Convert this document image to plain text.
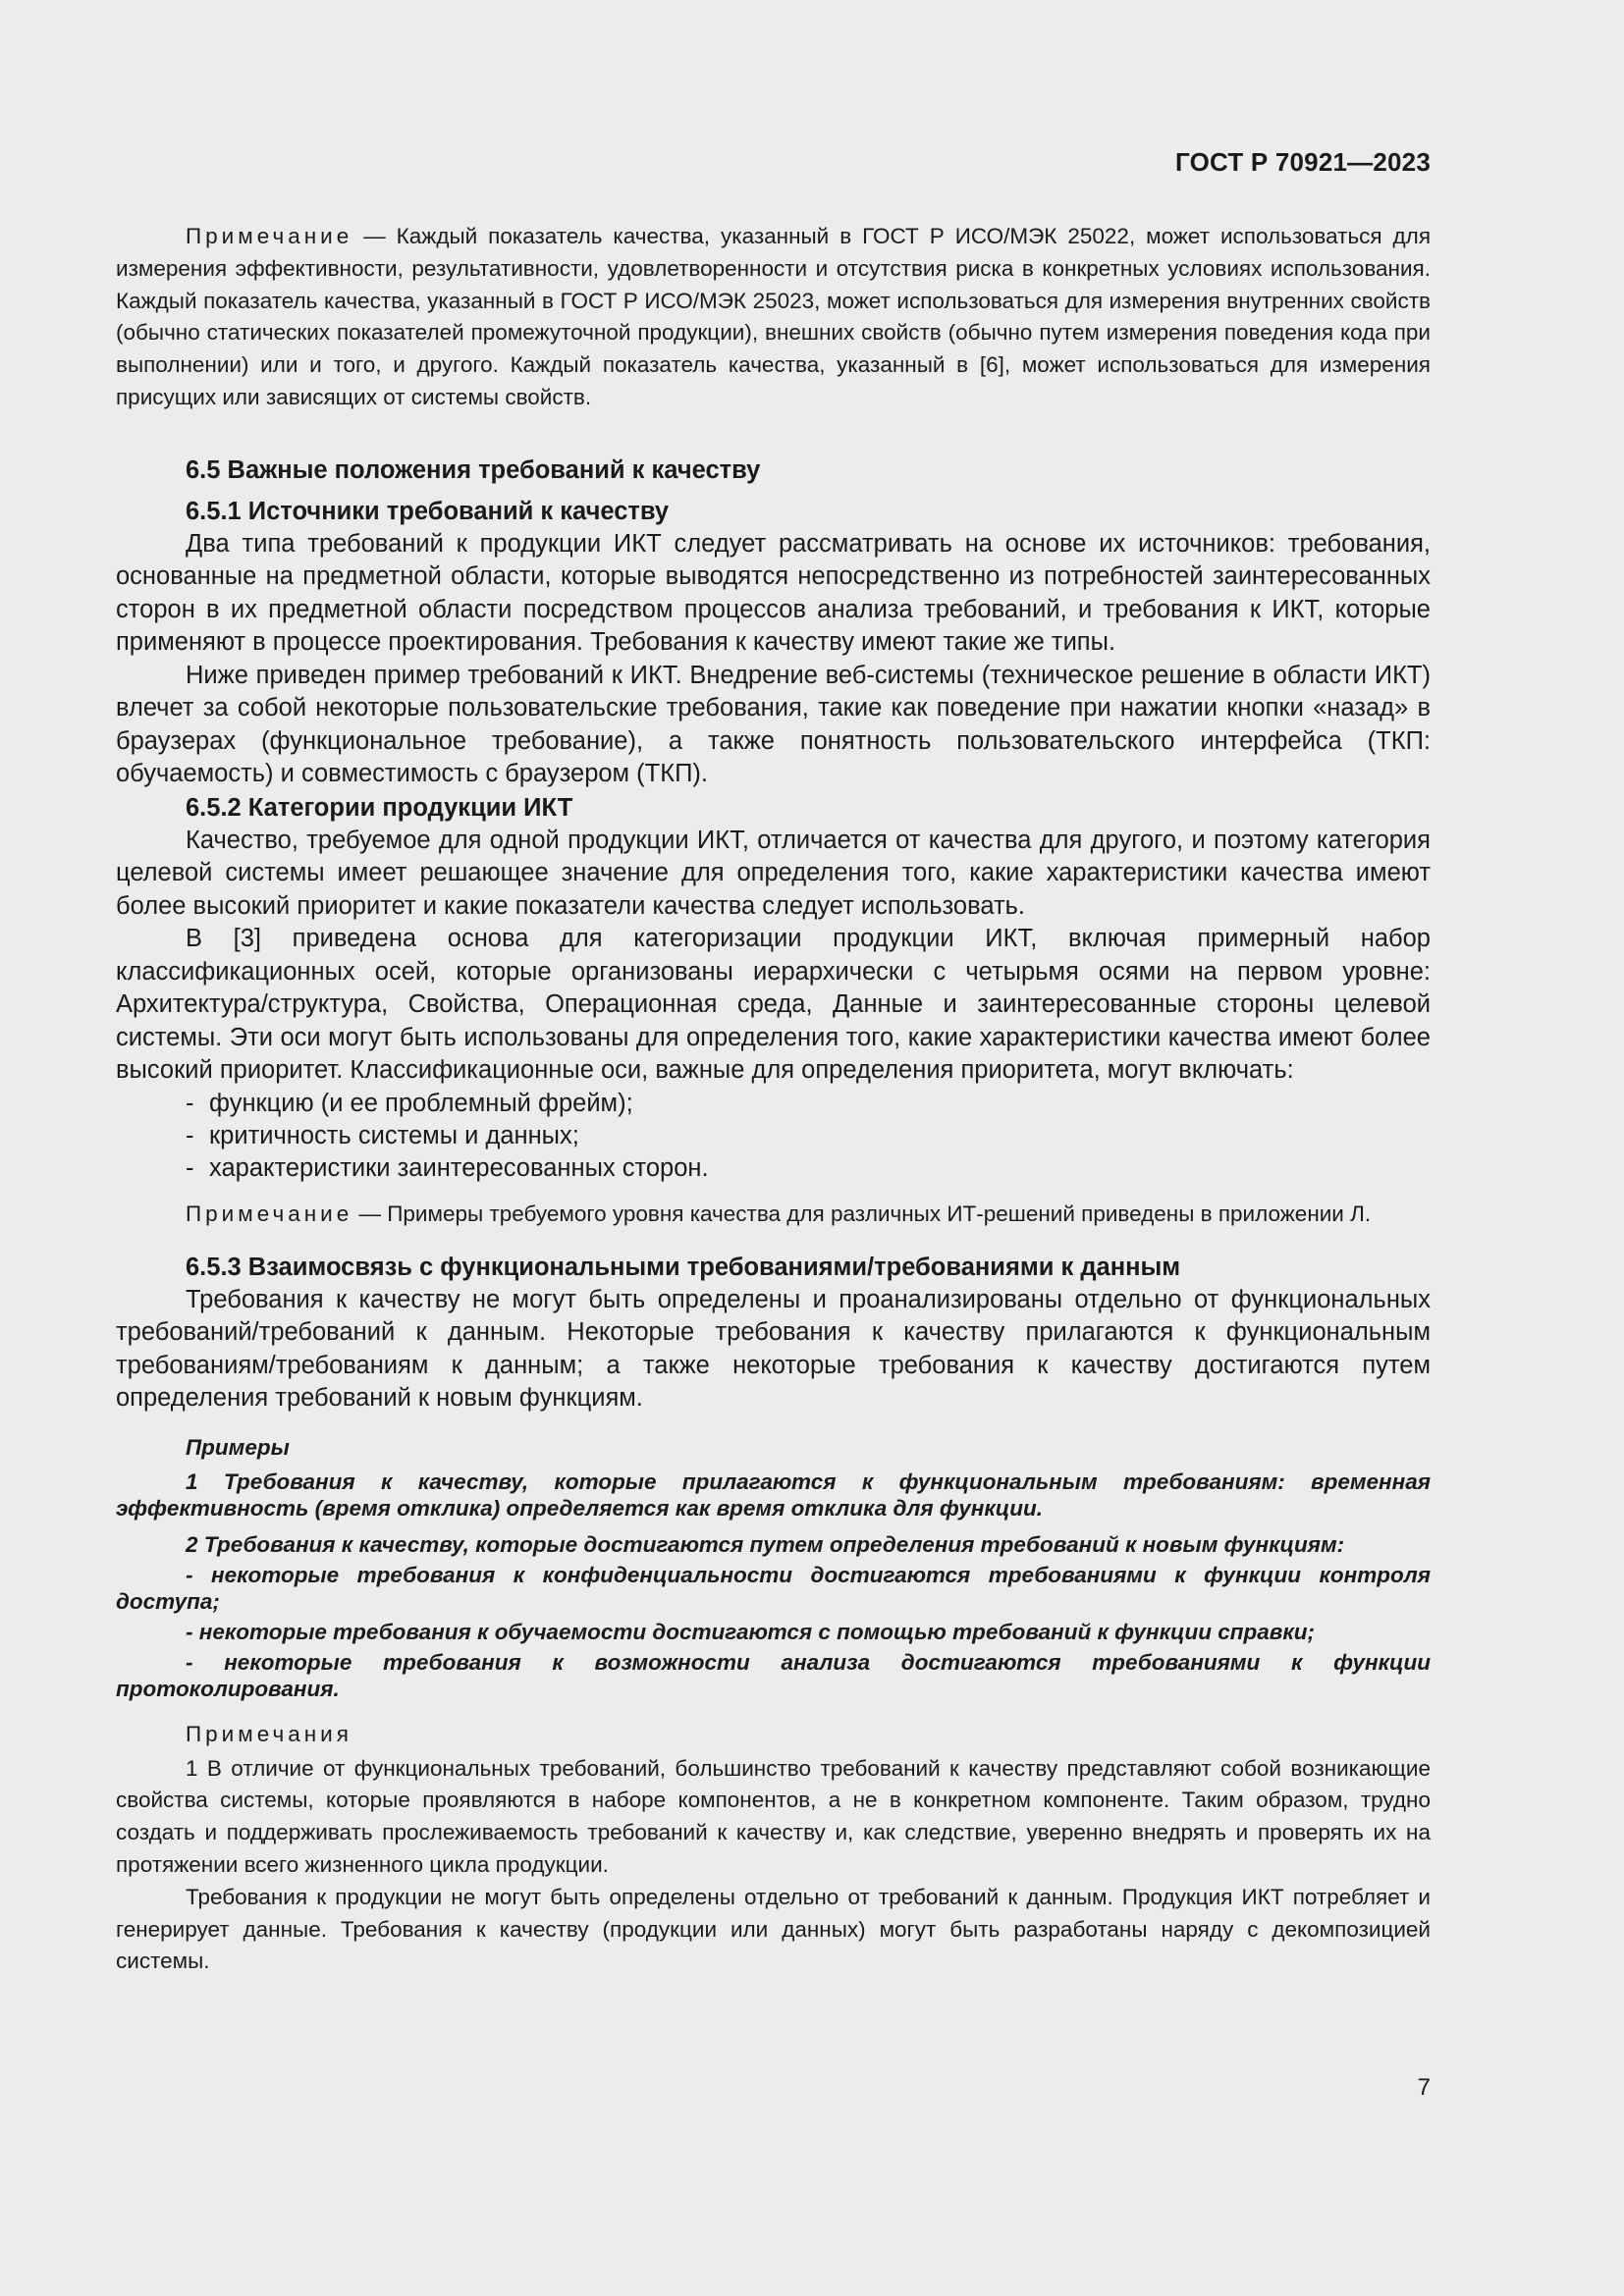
ГОСТ Р 70921—2023

Примечание — Каждый показатель качества, указанный в ГОСТ Р ИСО/МЭК 25022, может использоваться для измерения эффективности, результативности, удовлетворенности и отсутствия риска в конкретных условиях использования. Каждый показатель качества, указанный в ГОСТ Р ИСО/МЭК 25023, может использоваться для измерения внутренних свойств (обычно статических показателей промежуточной продукции), внешних свойств (обычно путем измерения поведения кода при выполнении) или и того, и другого. Каждый показатель качества, указанный в [6], может использоваться для измерения присущих или зависящих от системы свойств.

6.5 Важные положения требований к качеству
6.5.1 Источники требований к качеству

Два типа требований к продукции ИКТ следует рассматривать на основе их источников: требования, основанные на предметной области, которые выводятся непосредственно из потребностей заинтересованных сторон в их предметной области посредством процессов анализа требований, и требования к ИКТ, которые применяют в процессе проектирования. Требования к качеству имеют такие же типы.

Ниже приведен пример требований к ИКТ. Внедрение веб-системы (техническое решение в области ИКТ) влечет за собой некоторые пользовательские требования, такие как поведение при нажатии кнопки «назад» в браузерах (функциональное требование), а также понятность пользовательского интерфейса (ТКП: обучаемость) и совместимость с браузером (ТКП).

6.5.2 Категории продукции ИКТ

Качество, требуемое для одной продукции ИКТ, отличается от качества для другого, и поэтому категория целевой системы имеет решающее значение для определения того, какие характеристики качества имеют более высокий приоритет и какие показатели качества следует использовать.

В [3] приведена основа для категоризации продукции ИКТ, включая примерный набор классификационных осей, которые организованы иерархически с четырьмя осями на первом уровне: Архитектура/структура, Свойства, Операционная среда, Данные и заинтересованные стороны целевой системы. Эти оси могут быть использованы для определения того, какие характеристики качества имеют более высокий приоритет. Классификационные оси, важные для определения приоритета, могут включать:

- функцию (и ее проблемный фрейм);
- критичность системы и данных;
- характеристики заинтересованных сторон.

Примечание — Примеры требуемого уровня качества для различных ИТ-решений приведены в приложении Л.

6.5.3 Взаимосвязь с функциональными требованиями/требованиями к данным

Требования к качеству не могут быть определены и проанализированы отдельно от функциональных требований/требований к данным. Некоторые требования к качеству прилагаются к функциональным требованиям/требованиям к данным; а также некоторые требования к качеству достигаются путем определения требований к новым функциям.

Примеры

1 Требования к качеству, которые прилагаются к функциональным требованиям: временная эффективность (время отклика) определяется как время отклика для функции.

2 Требования к качеству, которые достигаются путем определения требований к новым функциям:

- некоторые требования к конфиденциальности достигаются требованиями к функции контроля доступа;

- некоторые требования к обучаемости достигаются с помощью требований к функции справки;

- некоторые требования к возможности анализа достигаются требованиями к функции протоколирования.

Примечания

1 В отличие от функциональных требований, большинство требований к качеству представляют собой возникающие свойства системы, которые проявляются в наборе компонентов, а не в конкретном компоненте. Таким образом, трудно создать и поддерживать прослеживаемость требований к качеству и, как следствие, уверенно внедрять и проверять их на протяжении всего жизненного цикла продукции.

Требования к продукции не могут быть определены отдельно от требований к данным. Продукция ИКТ потребляет и генерирует данные. Требования к качеству (продукции или данных) могут быть разработаны наряду с декомпозицией системы.

7
